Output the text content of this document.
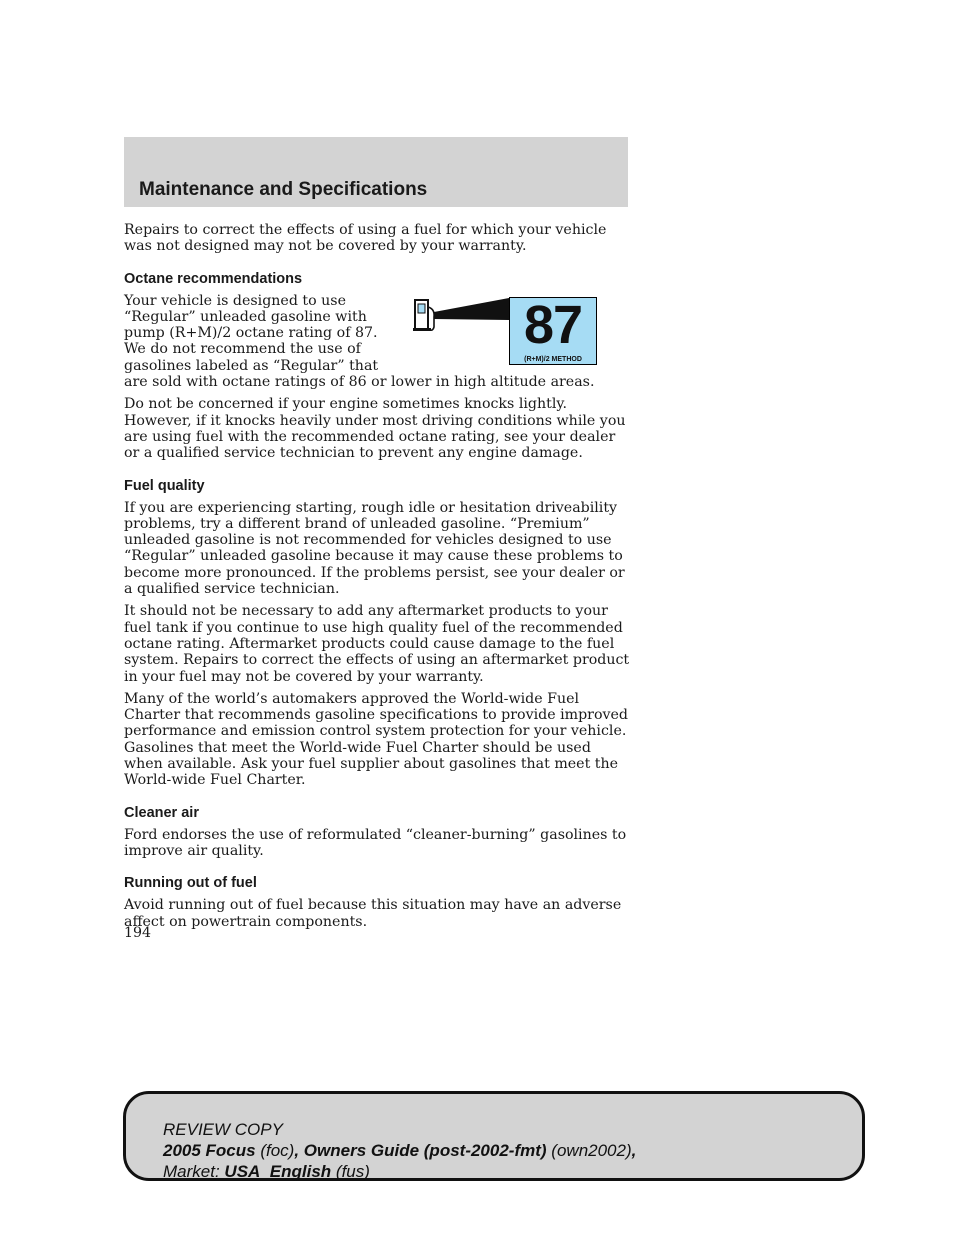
Maintenance and Specifications

Repairs to correct the effects of using a fuel for which your vehicle was not designed may not be covered by your warranty.

Octane recommendations
87
(R+M)/2 METHOD

Your vehicle is designed to use “Regular” unleaded gasoline with pump (R+M)/2 octane rating of 87. We do not recommend the use of gasolines labeled as “Regular” that are sold with octane ratings of 86 or lower in high altitude areas.

Do not be concerned if your engine sometimes knocks lightly. However, if it knocks heavily under most driving conditions while you are using fuel with the recommended octane rating, see your dealer or a qualified service technician to prevent any engine damage.

Fuel quality

If you are experiencing starting, rough idle or hesitation driveability problems, try a different brand of unleaded gasoline. “Premium” unleaded gasoline is not recommended for vehicles designed to use “Regular” unleaded gasoline because it may cause these problems to become more pronounced. If the problems persist, see your dealer or a qualified service technician.

It should not be necessary to add any aftermarket products to your fuel tank if you continue to use high quality fuel of the recommended octane rating. Aftermarket products could cause damage to the fuel system. Repairs to correct the effects of using an aftermarket product in your fuel may not be covered by your warranty.

Many of the world’s automakers approved the World-wide Fuel Charter that recommends gasoline specifications to provide improved performance and emission control system protection for your vehicle. Gasolines that meet the World-wide Fuel Charter should be used when available. Ask your fuel supplier about gasolines that meet the World-wide Fuel Charter.

Cleaner air

Ford endorses the use of reformulated “cleaner-burning” gasolines to improve air quality.

Running out of fuel

Avoid running out of fuel because this situation may have an adverse affect on powertrain components.

194
REVIEW COPY
2005 Focus (foc), Owners Guide (post-2002-fmt) (own2002),
Market: USA_English (fus)
